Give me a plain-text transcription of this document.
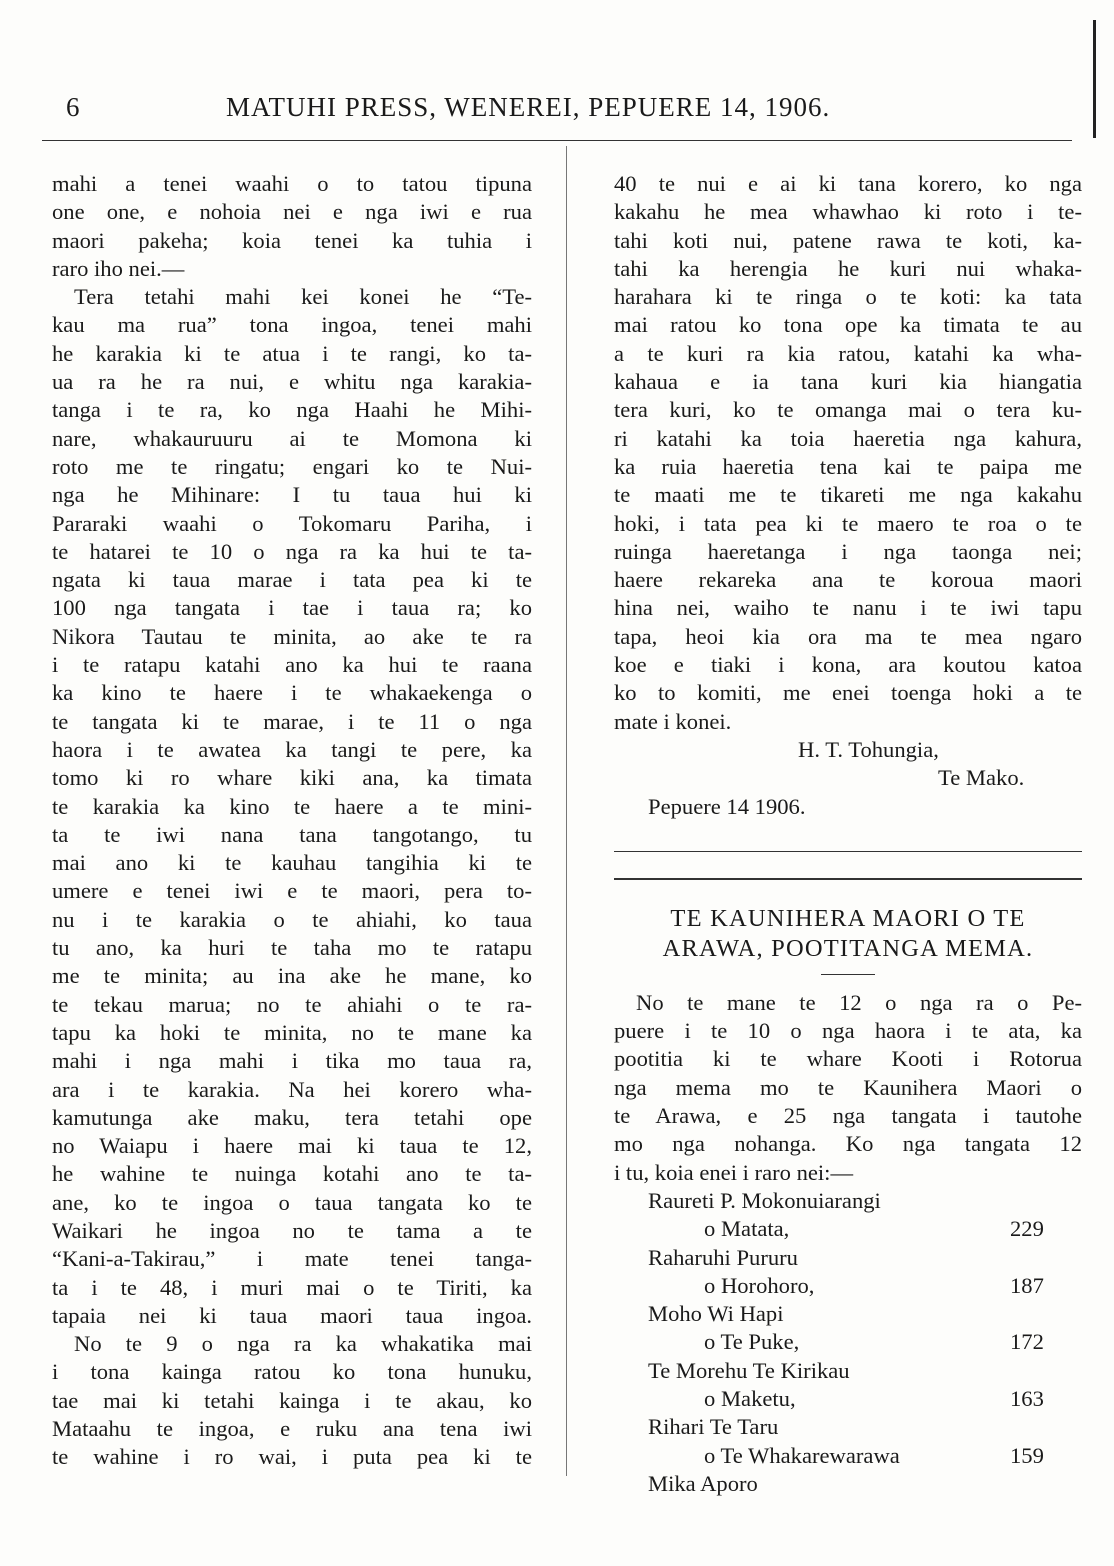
6	MATUHI PRESS, WENEREI, PEPUERE 14, 1906.
mahi a tenei waahi o to tatou tipuna
one one, e nohoia nei e nga iwi e rua
maori pakeha; koia tenei ka tuhia i
raro iho nei.—
Tera tetahi mahi kei konei he “Te-
kau ma rua” tona ingoa, tenei mahi
he karakia ki te atua i te rangi, ko ta-
ua ra he ra nui, e whitu nga karakia-
tanga i te ra, ko nga Haahi he Mihi-
nare, whakauruuru ai te Momona ki
roto me te ringatu; engari ko te Nui-
nga he Mihinare: I tu taua hui ki
Pararaki waahi o Tokomaru Pariha, i
te hatarei te 10 o nga ra ka hui te ta-
ngata ki taua marae i tata pea ki te
100 nga tangata i tae i taua ra; ko
Nikora Tautau te minita, ao ake te ra
i te ratapu katahi ano ka hui te raana
ka kino te haere i te whakaekenga o
te tangata ki te marae, i te 11 o nga
haora i te awatea ka tangi te pere, ka
tomo ki ro whare kiki ana, ka timata
te karakia ka kino te haere a te mini-
ta te iwi nana tana tangotango, tu
mai ano ki te kauhau tangihia ki te
umere e tenei iwi e te maori, pera to-
nu i te karakia o te ahiahi, ko taua
tu ano, ka huri te taha mo te ratapu
me te minita; au ina ake he mane, ko
te tekau marua; no te ahiahi o te ra-
tapu ka hoki te minita, no te mane ka
mahi i nga mahi i tika mo taua ra,
ara i te karakia. Na hei korero wha-
kamutunga ake maku, tera tetahi ope
no Waiapu i haere mai ki taua te 12,
he wahine te nuinga kotahi ano te ta-
ane, ko te ingoa o taua tangata ko te
Waikari he ingoa no te tama a te
“Kani-a-Takirau,” i mate tenei tanga-
ta i te 48, i muri mai o te Tiriti, ka
tapaia nei ki taua maori taua ingoa.
No te 9 o nga ra ka whakatika mai
i tona kainga ratou ko tona hunuku,
tae mai ki tetahi kainga i te akau, ko
Mataahu te ingoa, e ruku ana tena iwi
te wahine i ro wai, i puta pea ki te
40 te nui e ai ki tana korero, ko nga
kakahu he mea whawhao ki roto i te-
tahi koti nui, patene rawa te koti, ka-
tahi ka herengia he kuri nui whaka-
harahara ki te ringa o te koti: ka tata
mai ratou ko tona ope ka timata te au
a te kuri ra kia ratou, katahi ka wha-
kahaua e ia tana kuri kia hiangatia
tera kuri, ko te omanga mai o tera ku-
ri katahi ka toia haeretia nga kahura,
ka ruia haeretia tena kai te paipa me
te maati me te tikareti me nga kakahu
hoki, i tata pea ki te maero te roa o te
ruinga haeretanga i nga taonga nei;
haere rekareka ana te koroua maori
hina nei, waiho te nanu i te iwi tapu
tapa, heoi kia ora ma te mea ngaro
koe e tiaki i kona, ara koutou katoa
ko to komiti, me enei toenga hoki a te
mate i konei.
H. T. Tohungia,
Te Mako.
Pepuere 14 1906.
TE KAUNIHERA MAORI O TE
ARAWA, POOTITANGA MEMA.
No te mane te 12 o nga ra o Pe-
puere i te 10 o nga haora i te ata, ka
pootitia ki te whare Kooti i Rotorua
nga mema mo te Kaunihera Maori o
te Arawa, e 25 nga tangata i tautohe
mo nga nohanga. Ko nga tangata 12
i tu, koia enei i raro nei:—
Raureti P. Mokonuiarangi
o Matata,	229
Raharuhi Pururu
o Horohoro,	187
Moho Wi Hapi
o Te Puke,	172
Te Morehu Te Kirikau
o Maketu,	163
Rihari Te Taru
o Te Whakarewarawa	159
Mika Aporo
